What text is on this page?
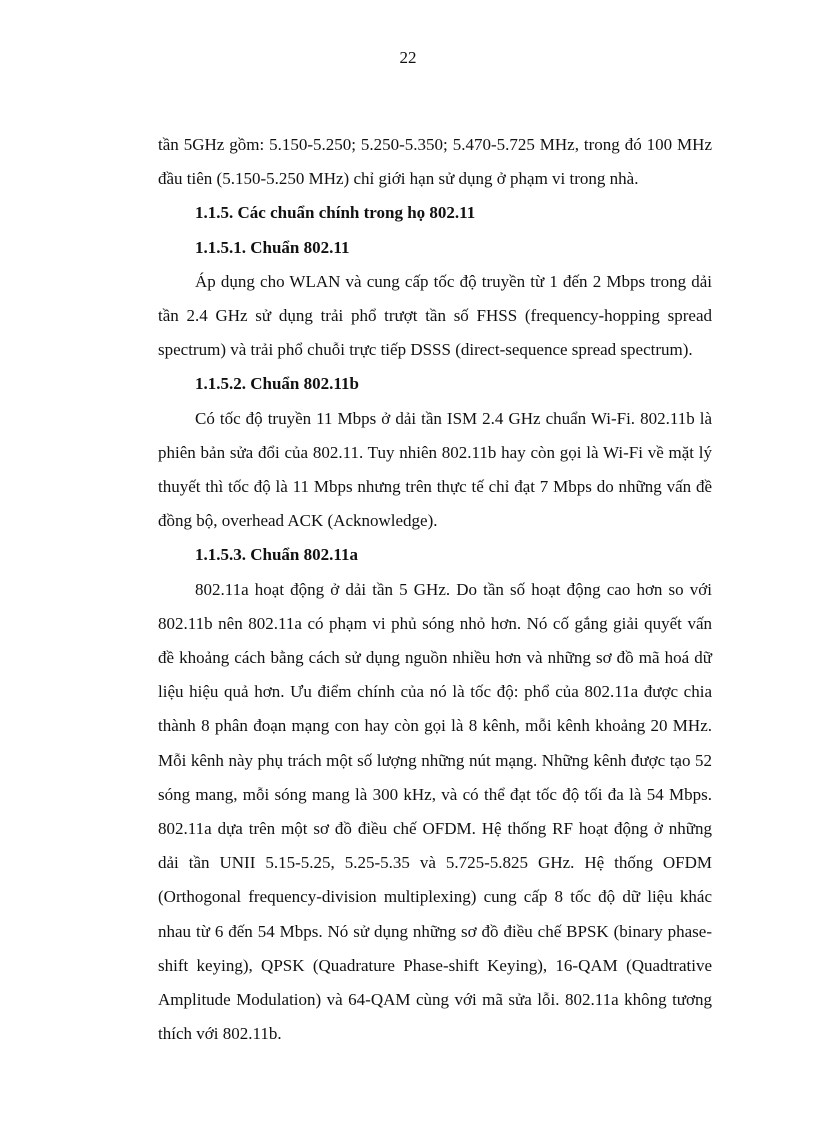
22

tần 5GHz gồm: 5.150-5.250; 5.250-5.350; 5.470-5.725 MHz, trong đó 100 MHz đầu tiên (5.150-5.250 MHz) chỉ giới hạn sử dụng ở phạm vi trong nhà.

1.1.5. Các chuẩn chính trong họ 802.11

1.1.5.1. Chuẩn 802.11

Áp dụng cho WLAN và cung cấp tốc độ truyền từ 1 đến 2 Mbps trong dải tần 2.4 GHz sử dụng trải phổ trượt tần số FHSS (frequency-hopping spread spectrum) và trải phổ chuỗi trực tiếp DSSS (direct-sequence spread spectrum).

1.1.5.2. Chuẩn 802.11b

Có tốc độ truyền 11 Mbps ở dải tần ISM 2.4 GHz chuẩn Wi-Fi. 802.11b là phiên bản sửa đổi của 802.11. Tuy nhiên 802.11b hay còn gọi là Wi-Fi về mặt lý thuyết thì tốc độ là 11 Mbps nhưng trên thực tế chỉ đạt 7 Mbps do những vấn đề đồng bộ, overhead ACK (Acknowledge).

1.1.5.3. Chuẩn 802.11a

802.11a hoạt động ở dải tần 5 GHz. Do tần số hoạt động cao hơn so với 802.11b nên 802.11a có phạm vi phủ sóng nhỏ hơn. Nó cố gắng giải quyết vấn đề khoảng cách bằng cách sử dụng nguồn nhiều hơn và những sơ đồ mã hoá dữ liệu hiệu quả hơn. Ưu điểm chính của nó là tốc độ: phổ của 802.11a được chia thành 8 phân đoạn mạng con hay còn gọi là 8 kênh, mỗi kênh khoảng 20 MHz. Mỗi kênh này phụ trách một số lượng những nút mạng. Những kênh được tạo 52 sóng mang, mỗi sóng mang là 300 kHz, và có thể đạt tốc độ tối đa là 54 Mbps. 802.11a dựa trên một sơ đồ điều chế OFDM. Hệ thống RF hoạt động ở những dải tần UNII 5.15-5.25, 5.25-5.35 và 5.725-5.825 GHz. Hệ thống OFDM (Orthogonal frequency-division multiplexing) cung cấp 8 tốc độ dữ liệu khác nhau từ 6 đến 54 Mbps. Nó sử dụng những sơ đồ điều chế BPSK (binary phase-shift keying), QPSK (Quadrature Phase-shift Keying), 16-QAM (Quadtrative Amplitude Modulation) và 64-QAM cùng với mã sửa lỗi. 802.11a không tương thích với 802.11b.
